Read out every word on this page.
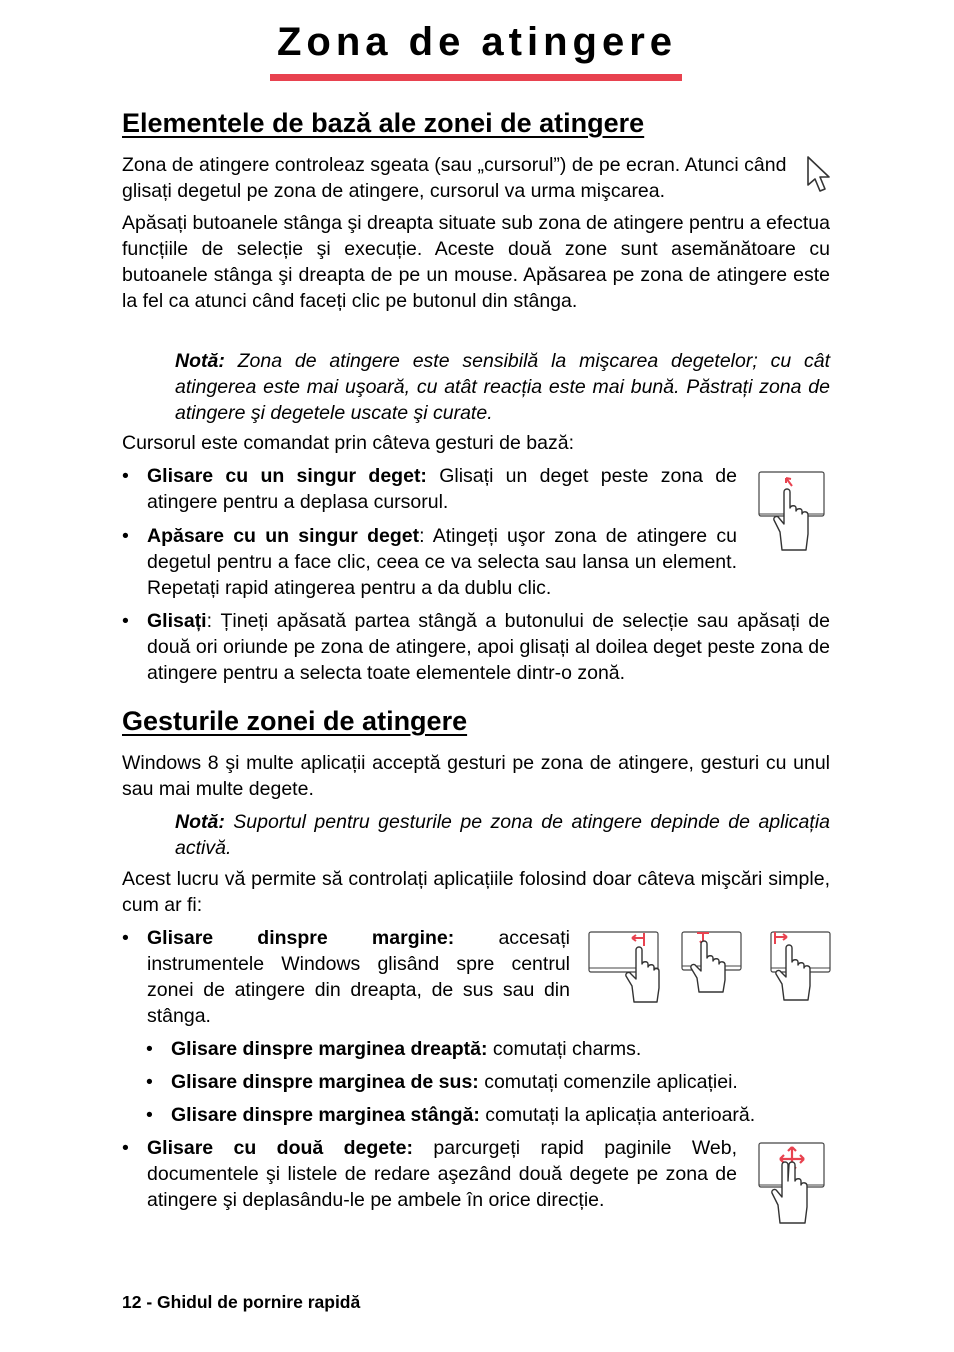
Zona de atingere
Elementele de bază ale zonei de atingere

Zona de atingere controleaz sgeata (sau „cursorul”) de pe ecran. Atunci când glisați degetul pe zona de atingere, cursorul va urma mişcarea.

Apăsați butoanele stânga şi dreapta situate sub zona de atingere pentru a efectua funcțiile de selecție şi execuție. Aceste două zone sunt asemănătoare cu butoanele stânga şi dreapta de pe un mouse. Apăsarea pe zona de atingere este la fel ca atunci când faceți clic pe butonul din stânga.

Notă: Zona de atingere este sensibilă la mişcarea degetelor; cu cât atingerea este mai uşoară, cu atât reacția este mai bună. Păstrați zona de atingere şi degetele uscate şi curate.

Cursorul este comandat prin câteva gesturi de bază:

• Glisare cu un singur deget: Glisați un deget peste zona de atingere pentru a deplasa cursorul.
• Apăsare cu un singur deget: Atingeți uşor zona de atingere cu degetul pentru a face clic, ceea ce va selecta sau lansa un element. Repetați rapid atingerea pentru a da dublu clic.
• Glisați: Țineți apăsată partea stângă a butonului de selecție sau apăsați de două ori oriunde pe zona de atingere, apoi glisați al doilea deget peste zona de atingere pentru a selecta toate elementele dintr-o zonă.
Gesturile zonei de atingere

Windows 8 şi multe aplicații acceptă gesturi pe zona de atingere, gesturi cu unul sau mai multe degete.

Notă: Suportul pentru gesturile pe zona de atingere depinde de aplicația activă.

Acest lucru vă permite să controlați aplicațiile folosind doar câteva mişcări simple, cum ar fi:

• Glisare dinspre margine: accesați instrumentele Windows glisând spre centrul zonei de atingere din dreapta, de sus sau din stânga.
• Glisare dinspre marginea dreaptă: comutați charms.
• Glisare dinspre marginea de sus: comutați comenzile aplicației.
• Glisare dinspre marginea stângă: comutați la aplicația anterioară.
• Glisare cu două degete: parcurgeți rapid paginile Web, documentele şi listele de redare aşezând două degete pe zona de atingere şi deplasându-le pe ambele în orice direcție.
12 - Ghidul de pornire rapidă
